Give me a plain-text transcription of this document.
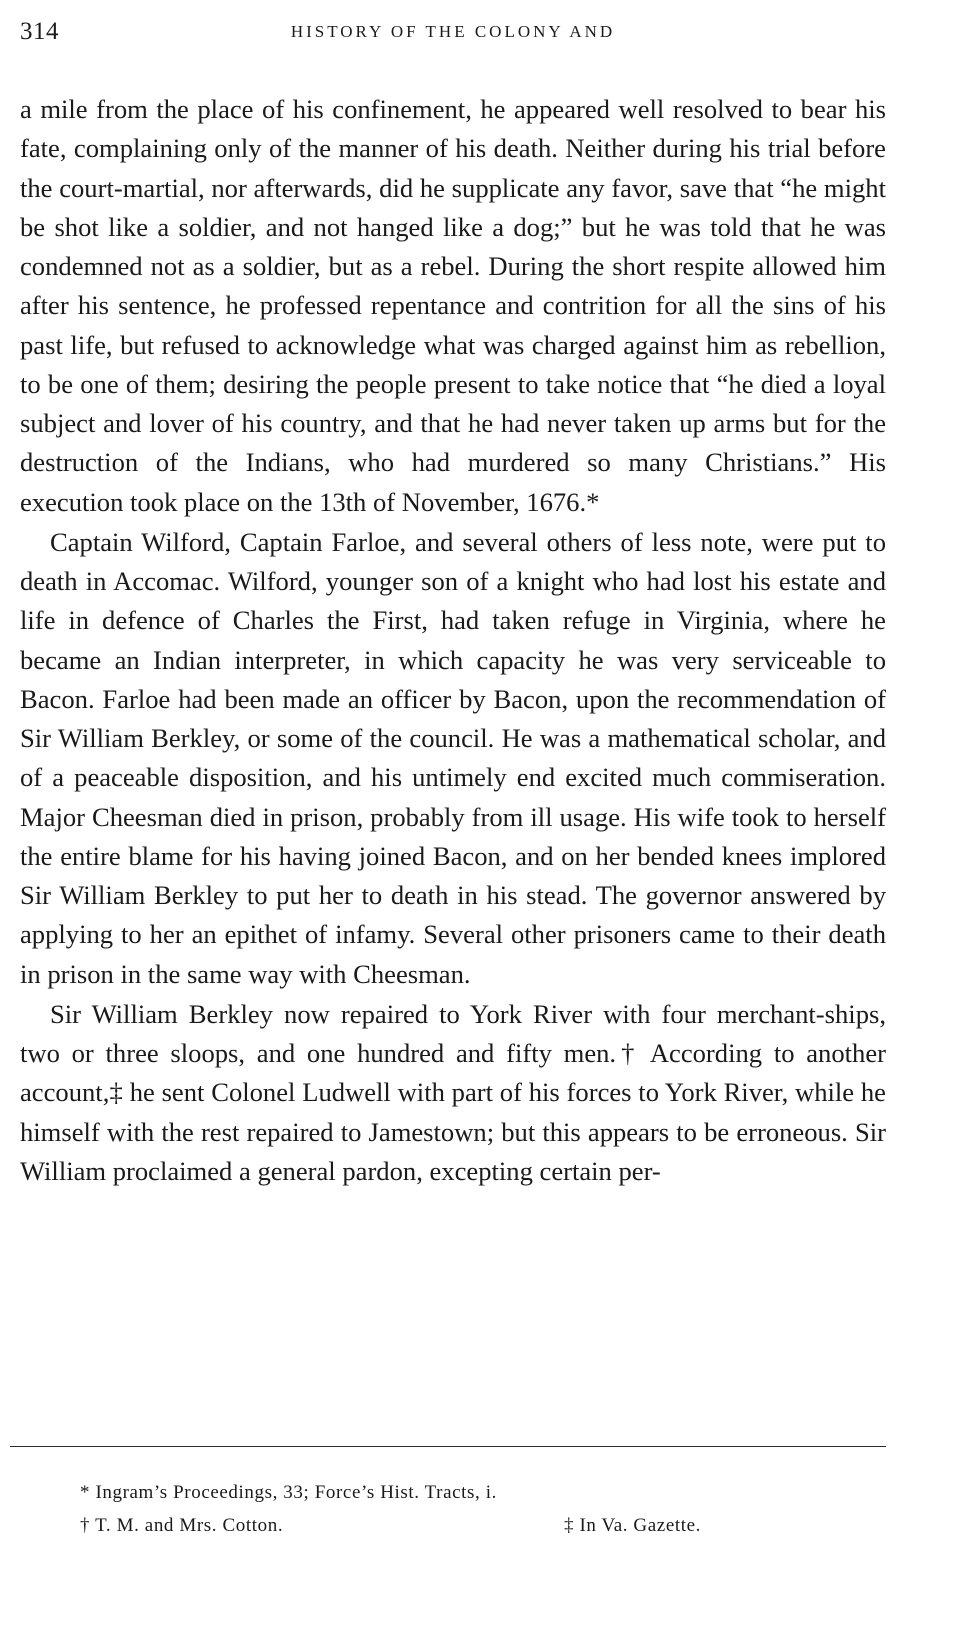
314	HISTORY OF THE COLONY AND

a mile from the place of his confinement, he appeared well resolved to bear his fate, complaining only of the manner of his death. Neither during his trial before the court-martial, nor afterwards, did he supplicate any favor, save that “he might be shot like a soldier, and not hanged like a dog;” but he was told that he was condemned not as a soldier, but as a rebel. During the short respite allowed him after his sentence, he professed repentance and contrition for all the sins of his past life, but refused to acknowledge what was charged against him as rebellion, to be one of them; desiring the people present to take notice that “he died a loyal subject and lover of his country, and that he had never taken up arms but for the destruction of the Indians, who had murdered so many Christians.” His execution took place on the 13th of November, 1676.*

Captain Wilford, Captain Farloe, and several others of less note, were put to death in Accomac. Wilford, younger son of a knight who had lost his estate and life in defence of Charles the First, had taken refuge in Virginia, where he became an Indian interpreter, in which capacity he was very serviceable to Bacon. Farloe had been made an officer by Bacon, upon the recommendation of Sir William Berkley, or some of the council. He was a mathematical scholar, and of a peaceable disposition, and his untimely end excited much commiseration. Major Cheesman died in prison, probably from ill usage. His wife took to herself the entire blame for his having joined Bacon, and on her bended knees implored Sir William Berkley to put her to death in his stead. The governor answered by applying to her an epithet of infamy. Several other prisoners came to their death in prison in the same way with Cheesman.

Sir William Berkley now repaired to York River with four merchant-ships, two or three sloops, and one hundred and fifty men.† According to another account,‡ he sent Colonel Ludwell with part of his forces to York River, while he himself with the rest repaired to Jamestown; but this appears to be erroneous. Sir William proclaimed a general pardon, excepting certain per-

* Ingram’s Proceedings, 33; Force’s Hist. Tracts, i.
† T. M. and Mrs. Cotton.	‡ In Va. Gazette.
